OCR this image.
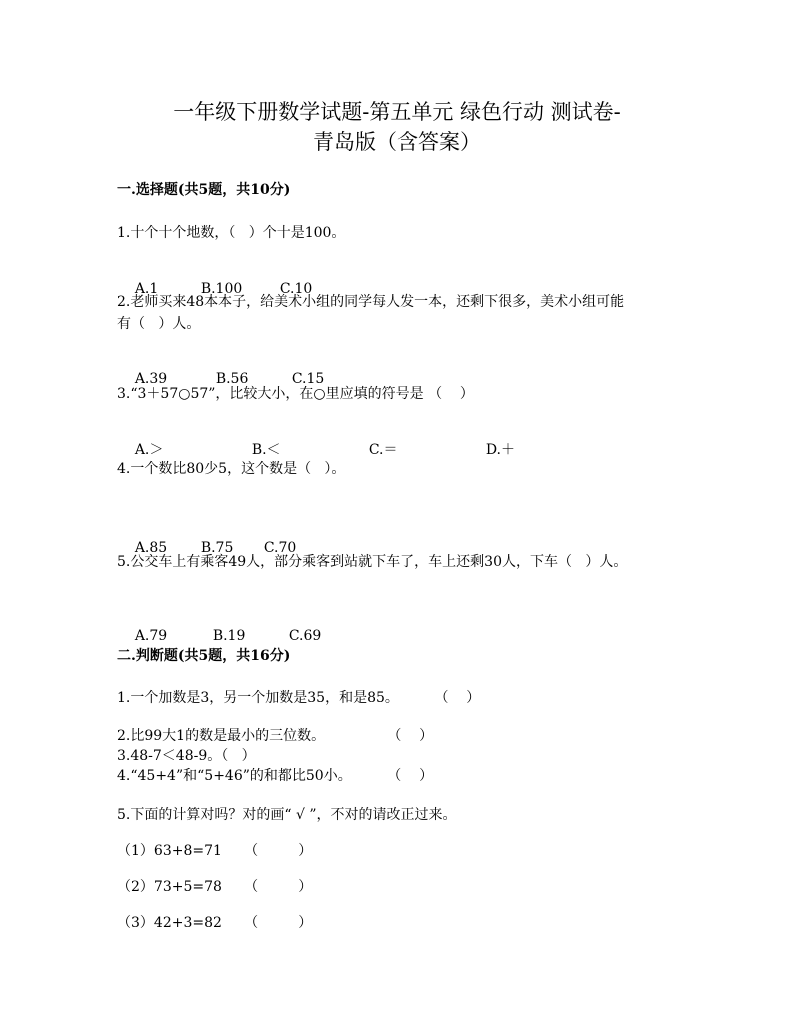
一年级下册数学试题-第五单元 绿色行动 测试卷-
青岛版（含答案）
一.选择题(共5题，共10分)
1.十个十个地数，（   ）个十是100。

A.1	B.100	C.10

2.老师买来48本本子，给美术小组的同学每人发一本，还剩下很多，美术小组可能
有（   ）人。

A.39	B.56	C.15

3.“3＋57○57”，比较大小，在○里应填的符号是 （    ）

A.＞	B.＜	C.＝	D.＋

4.一个数比80少5，这个数是（   ）。

A.85 B.75 C.70

5.公交车上有乘客49人，部分乘客到站就下车了，车上还剩30人，下车（   ）人。

A.79	B.19	C.69

二.判断题(共5题，共16分)
1.一个加数是3，另一个加数是35，和是85。        （    ）
2.比99大1的数是最小的三位数。              （    ）
3.48-7＜48-9。（   ）
4.“45+4”和“5+46”的和都比50小。        （    ）
5.下面的计算对吗？对的画“ √ ”，不对的请改正过来。
（1）63+8=71     （         ）
（2）73+5=78     （         ）
（3）42+3=82     （         ）
